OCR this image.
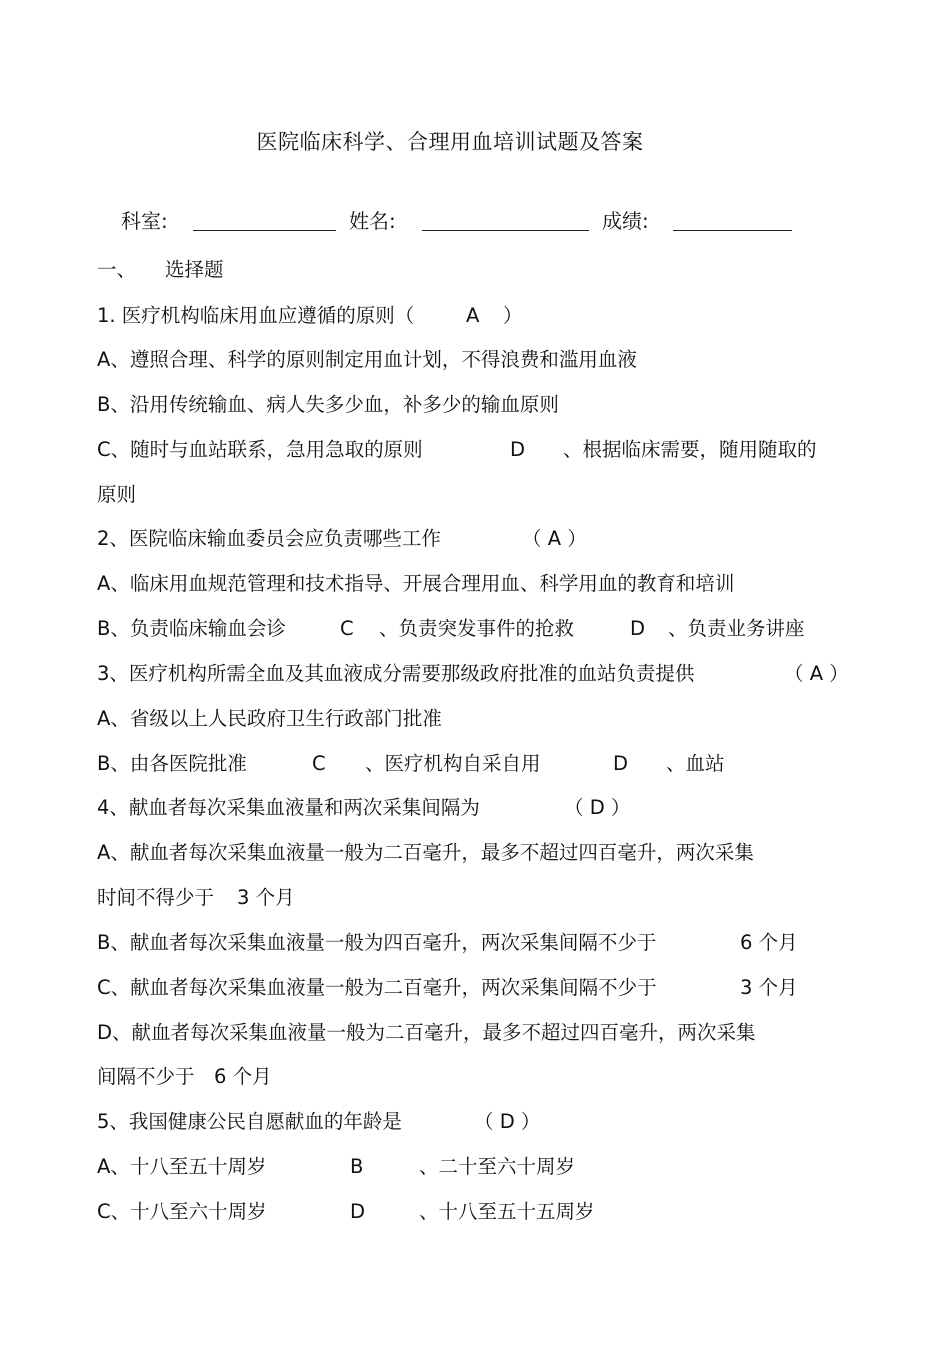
医院临床科学、合理用血培训试题及答案
科室:	姓名:	成绩:
一、 选择题
1. 医疗机构临床用血应遵循的原则（	A ）
A、遵照合理、科学的原则制定用血计划，不得浪费和滥用血液
B、沿用传统输血、病人失多少血，补多少的输血原则
C、随时与血站联系，急用急取的原则	D 、根据临床需要，随用随取的
原则
2、医院临床输血委员会应负责哪些工作	（ A ）
A、临床用血规范管理和技术指导、开展合理用血、科学用血的教育和培训
B、负责临床输血会诊	C 、负责突发事件的抢救	D 、负责业务讲座
3、医疗机构所需全血及其血液成分需要那级政府批准的血站负责提供	（ A ）
A、省级以上人民政府卫生行政部门批准
B、由各医院批准	C 、医疗机构自采自用	D 、血站
4、献血者每次采集血液量和两次采集间隔为	（ D ）
A、献血者每次采集血液量一般为二百毫升，最多不超过四百毫升，两次采集
时间不得少于 3 个月
B、献血者每次采集血液量一般为四百毫升，两次采集间隔不少于	6 个月
C、献血者每次采集血液量一般为二百毫升，两次采集间隔不少于	3 个月
D、献血者每次采集血液量一般为二百毫升，最多不超过四百毫升，两次采集
间隔不少于 6 个月
5、我国健康公民自愿献血的年龄是	（ D ）
A、十八至五十周岁	B	、二十至六十周岁
C、十八至六十周岁	D	、十八至五十五周岁
